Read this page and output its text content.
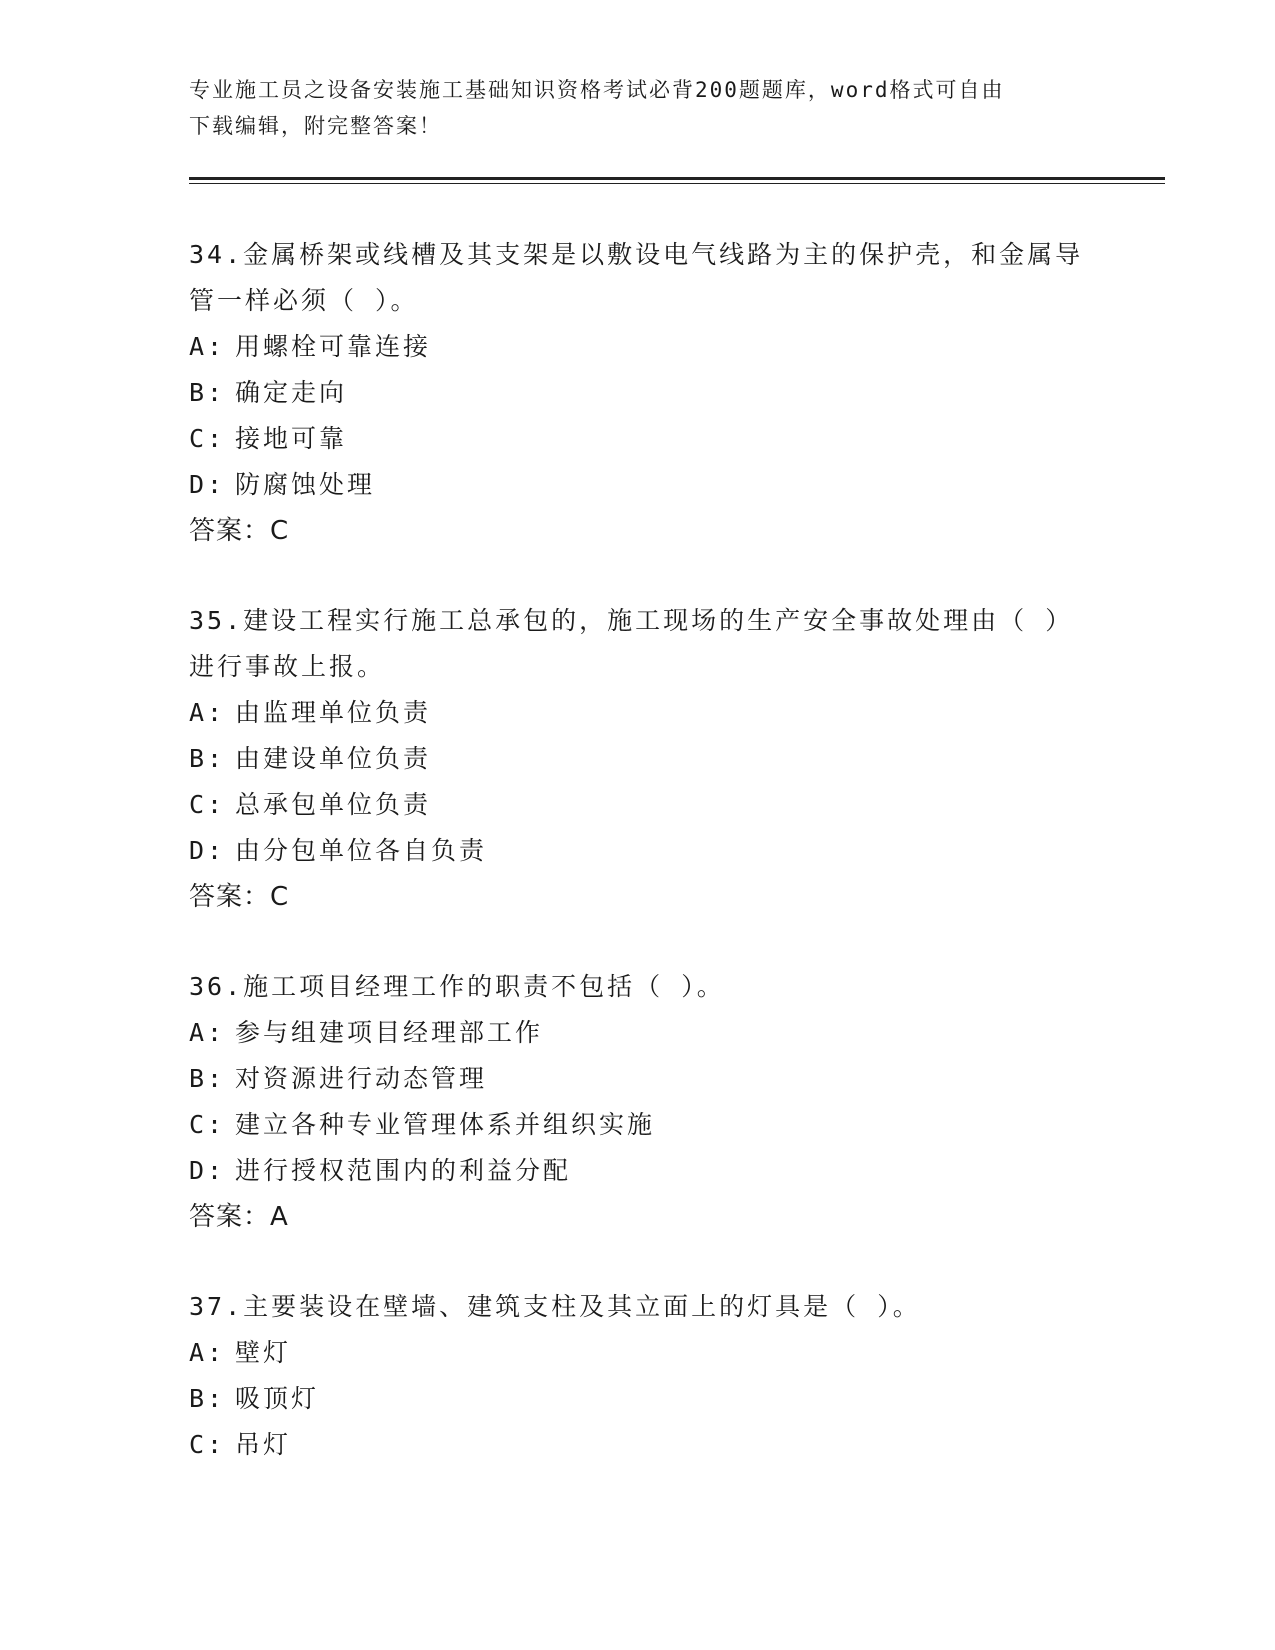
专业施工员之设备安装施工基础知识资格考试必背200题题库，word格式可自由
下载编辑，附完整答案！
34.金属桥架或线槽及其支架是以敷设电气线路为主的保护壳，和金属导管一样必须（ ）。
A: 用螺栓可靠连接
B: 确定走向
C: 接地可靠
D: 防腐蚀处理
答案：C
35.建设工程实行施工总承包的，施工现场的生产安全事故处理由（ ）进行事故上报。
A: 由监理单位负责
B: 由建设单位负责
C: 总承包单位负责
D: 由分包单位各自负责
答案：C
36.施工项目经理工作的职责不包括（ ）。
A: 参与组建项目经理部工作
B: 对资源进行动态管理
C: 建立各种专业管理体系并组织实施
D: 进行授权范围内的利益分配
答案：A
37.主要装设在壁墙、建筑支柱及其立面上的灯具是（ ）。
A: 壁灯
B: 吸顶灯
C: 吊灯
